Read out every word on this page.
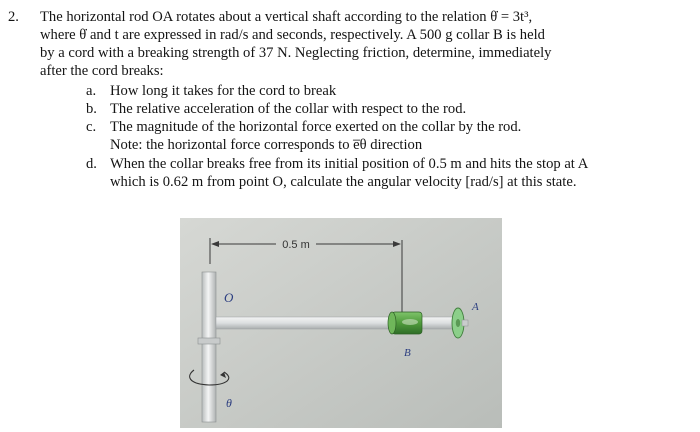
2. The horizontal rod OA rotates about a vertical shaft according to the relation θ̇ = 3t³,
where θ̇ and t are expressed in rad/s and seconds, respectively. A 500 g collar B is held
by a cord with a breaking strength of 37 N. Neglecting friction, determine, immediately
after the cord breaks:
a. How long it takes for the cord to break
b. The relative acceleration of the collar with respect to the rod.
c. The magnitude of the horizontal force exerted on the collar by the rod.
Note: the horizontal force corresponds to e̅θ direction
d. When the collar breaks free from its initial position of 0.5 m and hits the stop at A
which is 0.62 m from point O, calculate the angular velocity [rad/s] at this state.
0.5 m
O
A
B
θ
